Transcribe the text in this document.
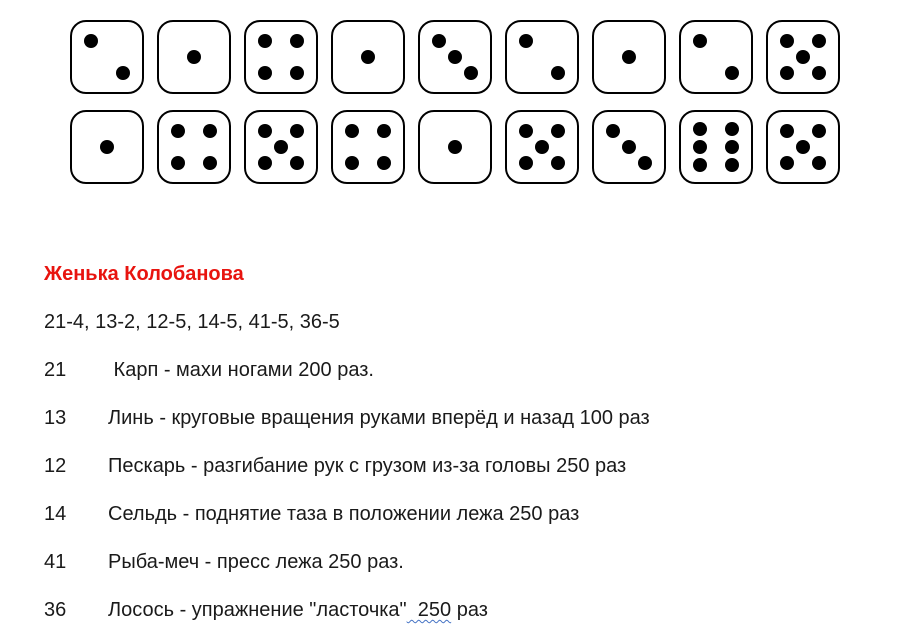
Женька Колобанова
21-4, 13-2, 12-5, 14-5, 41-5, 36-5
21	Карп - махи ногами 200 раз.
13	Линь - круговые вращения руками вперёд и назад 100 раз
12	Пескарь - разгибание рук с грузом из-за головы 250 раз
14	Сельдь - поднятие таза в положении лежа 250 раз
41	Рыба-меч - пресс лежа 250 раз.
36	Лосось - упражнение "ласточка"  250 раз
